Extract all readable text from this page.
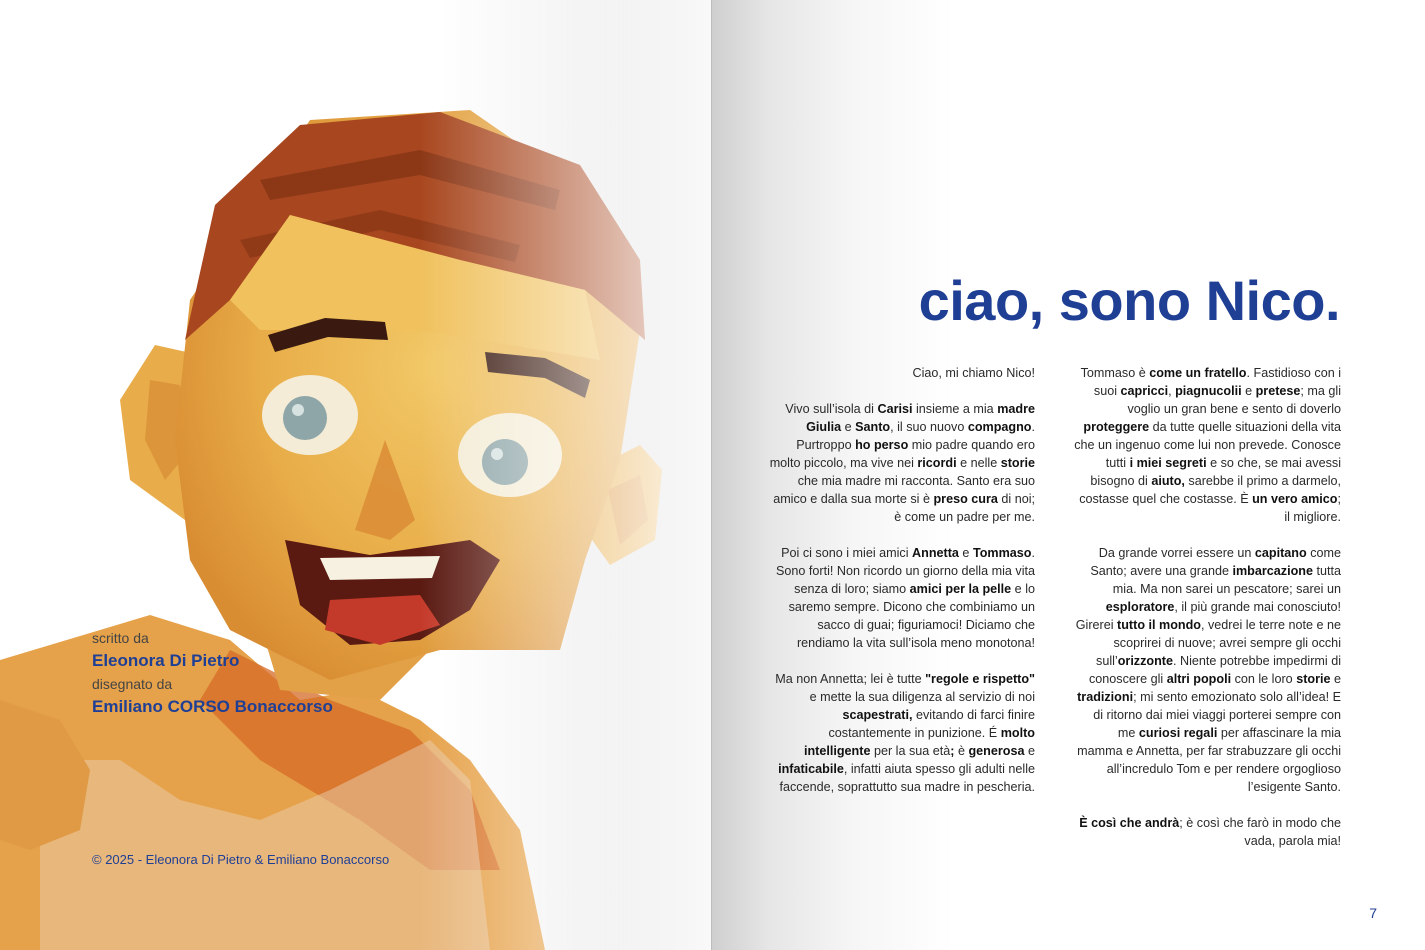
scritto da
Eleonora Di Pietro
disegnato da
Emiliano CORSO Bonaccorso
© 2025 - Eleonora Di Pietro & Emiliano Bonaccorso
ciao, sono Nico.

Ciao, mi chiamo Nico!

Vivo sull’isola di Carisi insieme a mia madre Giulia e Santo, il suo nuovo compagno. Purtroppo ho perso mio padre quando ero molto piccolo, ma vive nei ricordi e nelle storie che mia madre mi racconta. Santo era suo amico e dalla sua morte si è preso cura di noi; è come un padre per me.

Poi ci sono i miei amici Annetta e Tommaso. Sono forti! Non ricordo un giorno della mia vita senza di loro; siamo amici per la pelle e lo saremo sempre. Dicono che combiniamo un sacco di guai; figuriamoci! Diciamo che rendiamo la vita sull’isola meno monotona!

Ma non Annetta; lei è tutte "regole e rispetto" e mette la sua diligenza al servizio di noi scapestrati, evitando di farci finire costantemente in punizione. É molto intelligente per la sua età; è generosa e infaticabile, infatti aiuta spesso gli adulti nelle faccende, soprattutto sua madre in pescheria.

Tommaso è come un fratello. Fastidioso con i suoi capricci, piagnucolii e pretese; ma gli voglio un gran bene e sento di doverlo proteggere da tutte quelle situazioni della vita che un ingenuo come lui non prevede. Conosce tutti i miei segreti e so che, se mai avessi bisogno di aiuto, sarebbe il primo a darmelo, costasse quel che costasse. È un vero amico; il migliore.

Da grande vorrei essere un capitano come Santo; avere una grande imbarcazione tutta mia. Ma non sarei un pescatore; sarei un esploratore, il più grande mai conosciuto! Girerei tutto il mondo, vedrei le terre note e ne scoprirei di nuove; avrei sempre gli occhi sull’orizzonte. Niente potrebbe impedirmi di conoscere gli altri popoli con le loro storie e tradizioni; mi sento emozionato solo all’idea! E di ritorno dai miei viaggi porterei sempre con me curiosi regali per affascinare la mia mamma e Annetta, per far strabuzzare gli occhi all’incredulo Tom e per rendere orgoglioso l’esigente Santo.

È così che andrà; è così che farò in modo che vada, parola mia!

7
